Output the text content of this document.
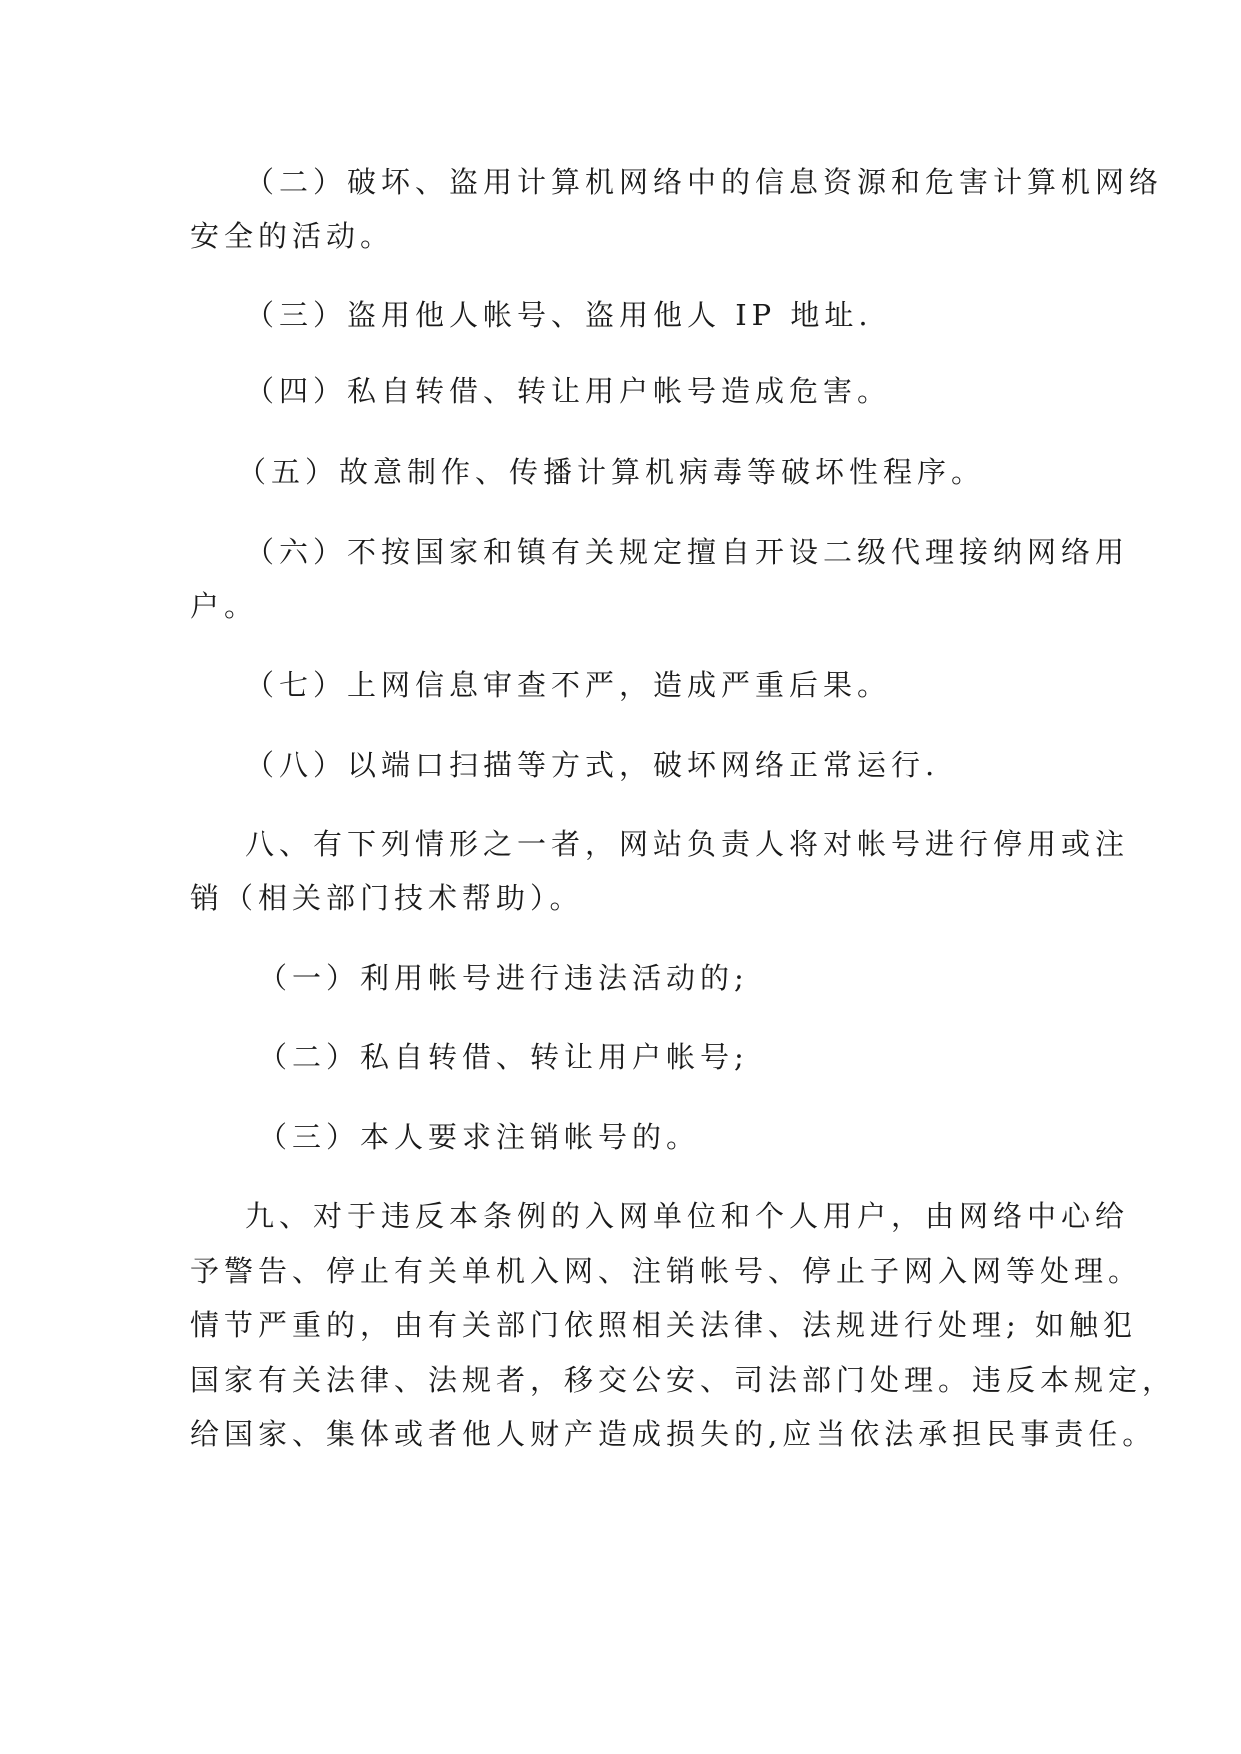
（二）破坏、盗用计算机网络中的信息资源和危害计算机网络
安全的活动。
（三）盗用他人帐号、盗用他人 IP 地址.
（四）私自转借、转让用户帐号造成危害。
（五）故意制作、传播计算机病毒等破坏性程序。
（六）不按国家和镇有关规定擅自开设二级代理接纳网络用
户。
（七）上网信息审查不严，造成严重后果。
（八）以端口扫描等方式，破坏网络正常运行.
八、有下列情形之一者，网站负责人将对帐号进行停用或注
销（相关部门技术帮助）。
（一）利用帐号进行违法活动的;
（二）私自转借、转让用户帐号;
（三）本人要求注销帐号的。
九、对于违反本条例的入网单位和个人用户，由网络中心给
予警告、停止有关单机入网、注销帐号、停止子网入网等处理。
情节严重的，由有关部门依照相关法律、法规进行处理; 如触犯
国家有关法律、法规者，移交公安、司法部门处理。违反本规定，
给国家、集体或者他人财产造成损失的,应当依法承担民事责任。
